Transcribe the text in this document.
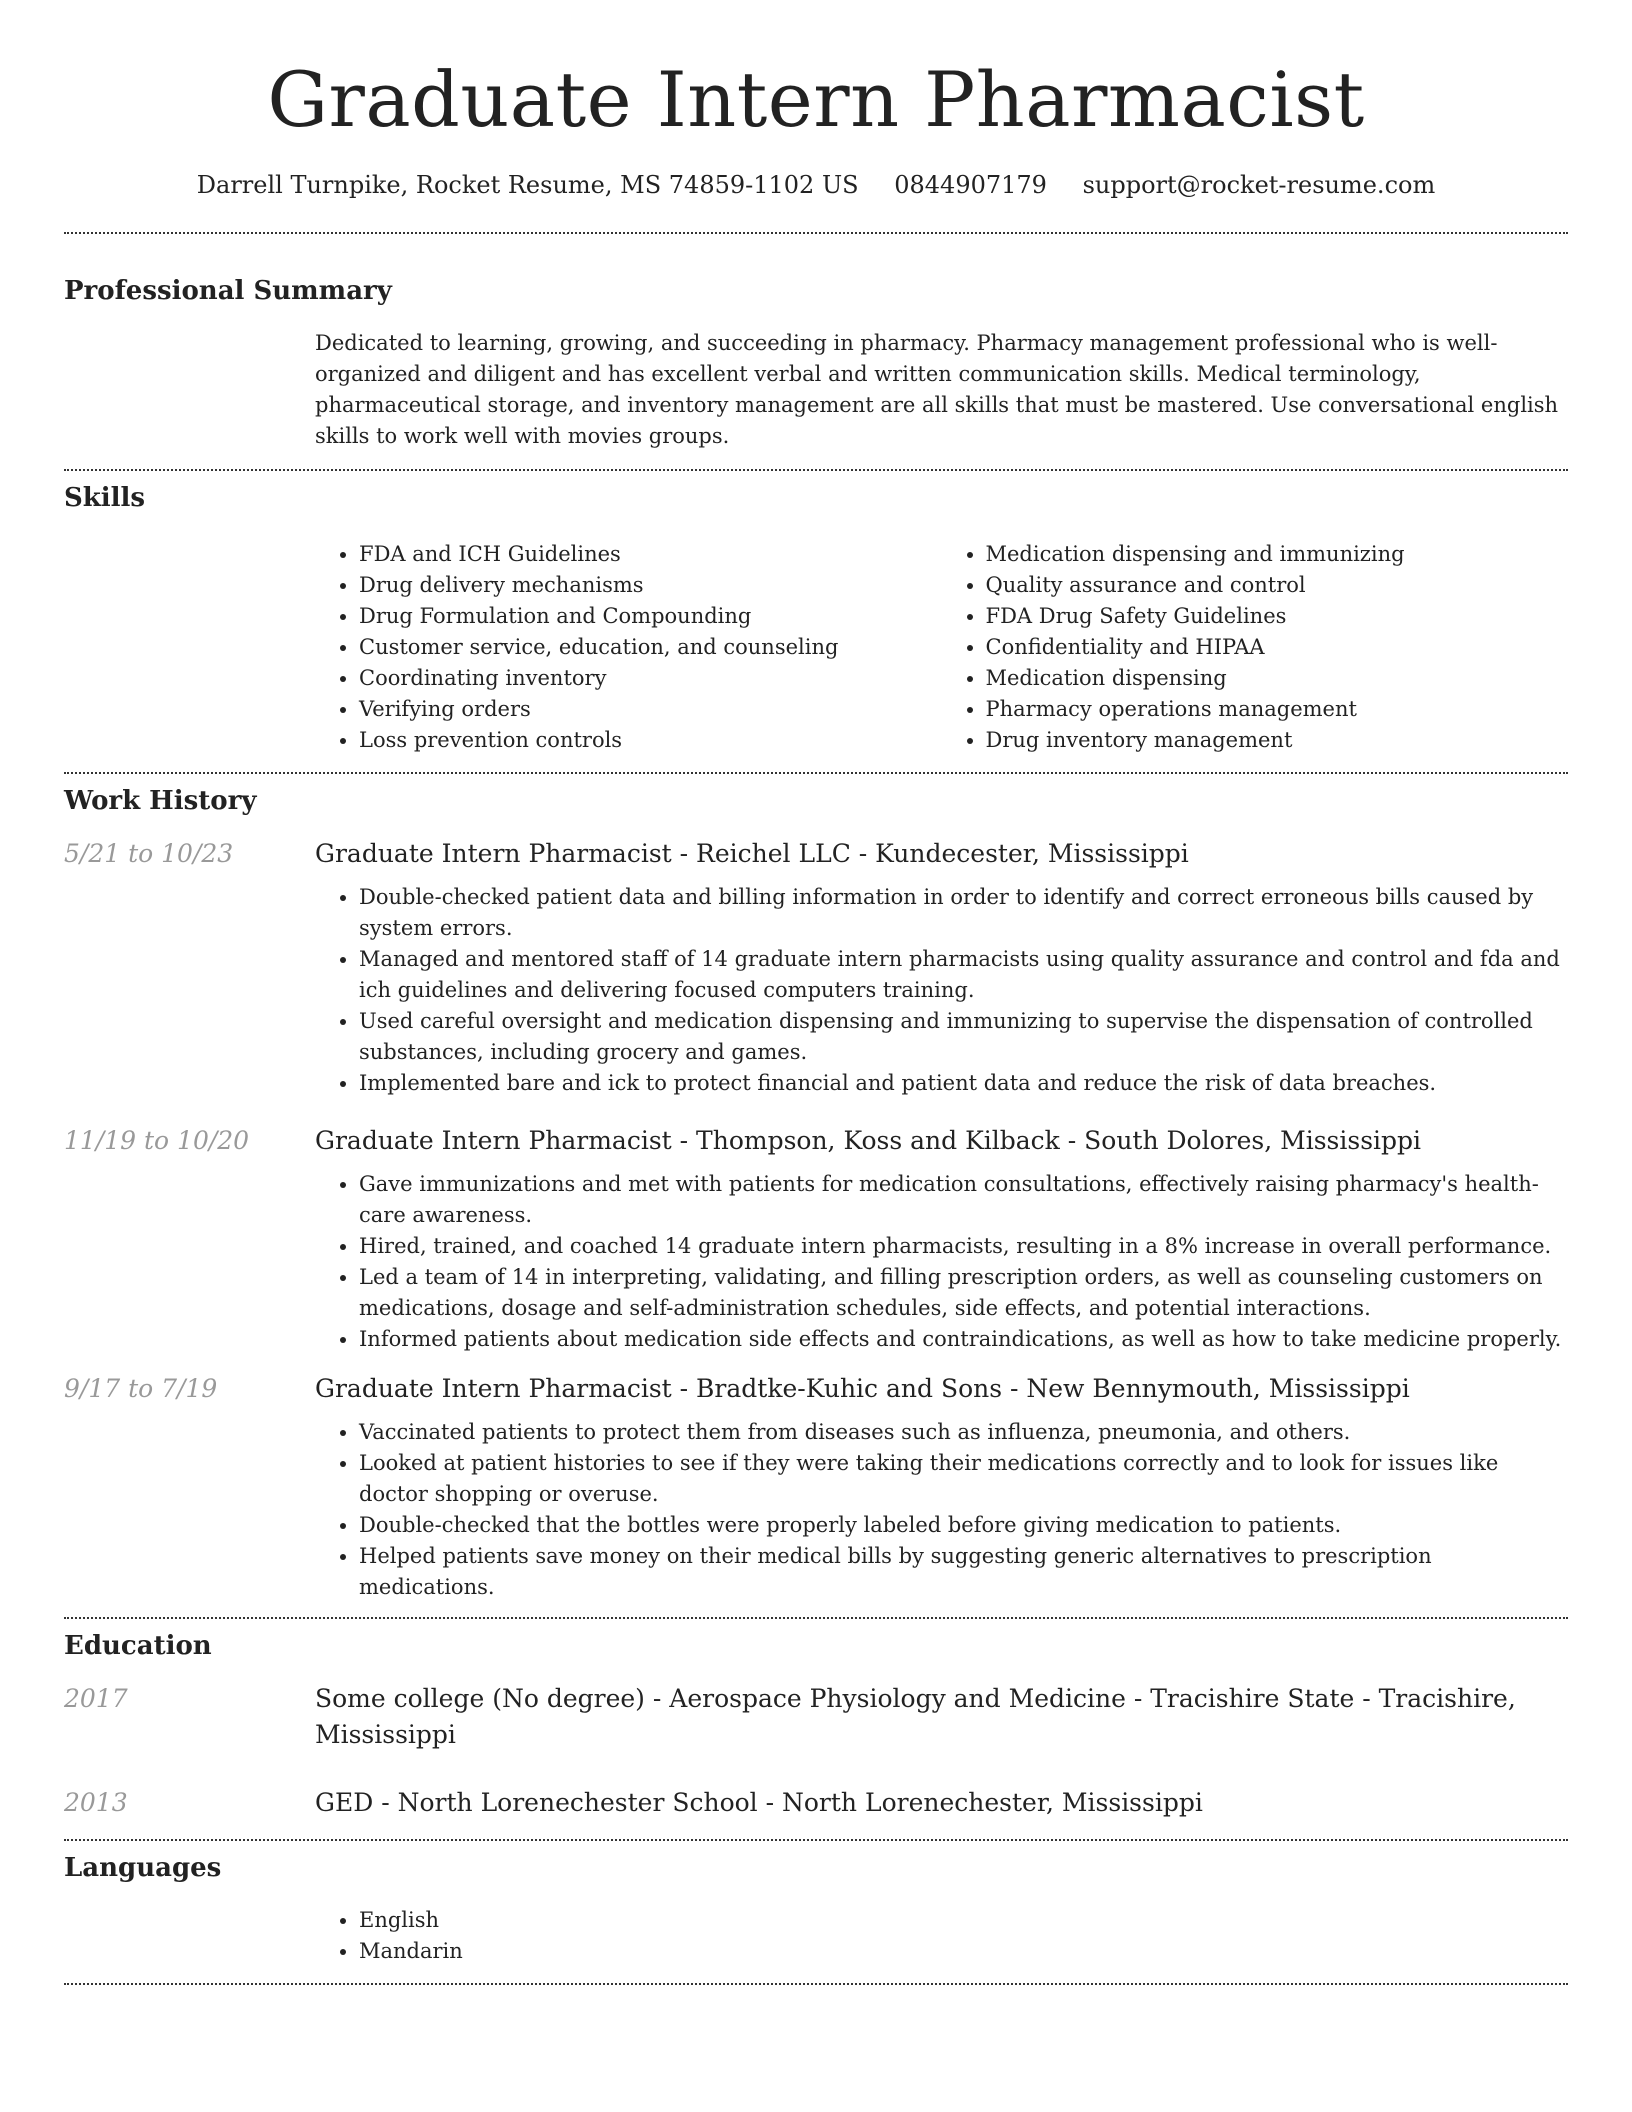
Graduate Intern Pharmacist
Darrell Turnpike, Rocket Resume, MS 74859-1102 US 0844907179 support@rocket-resume.com
Professional Summary
Dedicated to learning, growing, and succeeding in pharmacy. Pharmacy management professional who is well-organized and diligent and has excellent verbal and written communication skills. Medical terminology, pharmaceutical storage, and inventory management are all skills that must be mastered. Use conversational english skills to work well with movies groups.
Skills
• FDA and ICH Guidelines
• Drug delivery mechanisms
• Drug Formulation and Compounding
• Customer service, education, and counseling
• Coordinating inventory
• Verifying orders
• Loss prevention controls
• Medication dispensing and immunizing
• Quality assurance and control
• FDA Drug Safety Guidelines
• Confidentiality and HIPAA
• Medication dispensing
• Pharmacy operations management
• Drug inventory management
Work History
5/21 to 10/23	Graduate Intern Pharmacist - Reichel LLC - Kundecester, Mississippi
• Double-checked patient data and billing information in order to identify and correct erroneous bills caused by system errors.
• Managed and mentored staff of 14 graduate intern pharmacists using quality assurance and control and fda and ich guidelines and delivering focused computers training.
• Used careful oversight and medication dispensing and immunizing to supervise the dispensation of controlled substances, including grocery and games.
• Implemented bare and ick to protect financial and patient data and reduce the risk of data breaches.
11/19 to 10/20	Graduate Intern Pharmacist - Thompson, Koss and Kilback - South Dolores, Mississippi
• Gave immunizations and met with patients for medication consultations, effectively raising pharmacy's health-care awareness.
• Hired, trained, and coached 14 graduate intern pharmacists, resulting in a 8% increase in overall performance.
• Led a team of 14 in interpreting, validating, and filling prescription orders, as well as counseling customers on medications, dosage and self-administration schedules, side effects, and potential interactions.
• Informed patients about medication side effects and contraindications, as well as how to take medicine properly.
9/17 to 7/19	Graduate Intern Pharmacist - Bradtke-Kuhic and Sons - New Bennymouth, Mississippi
• Vaccinated patients to protect them from diseases such as influenza, pneumonia, and others.
• Looked at patient histories to see if they were taking their medications correctly and to look for issues like doctor shopping or overuse.
• Double-checked that the bottles were properly labeled before giving medication to patients.
• Helped patients save money on their medical bills by suggesting generic alternatives to prescription medications.
Education
2017	Some college (No degree) - Aerospace Physiology and Medicine - Tracishire State - Tracishire, Mississippi
2013	GED - North Lorenechester School - North Lorenechester, Mississippi
Languages
• English
• Mandarin
